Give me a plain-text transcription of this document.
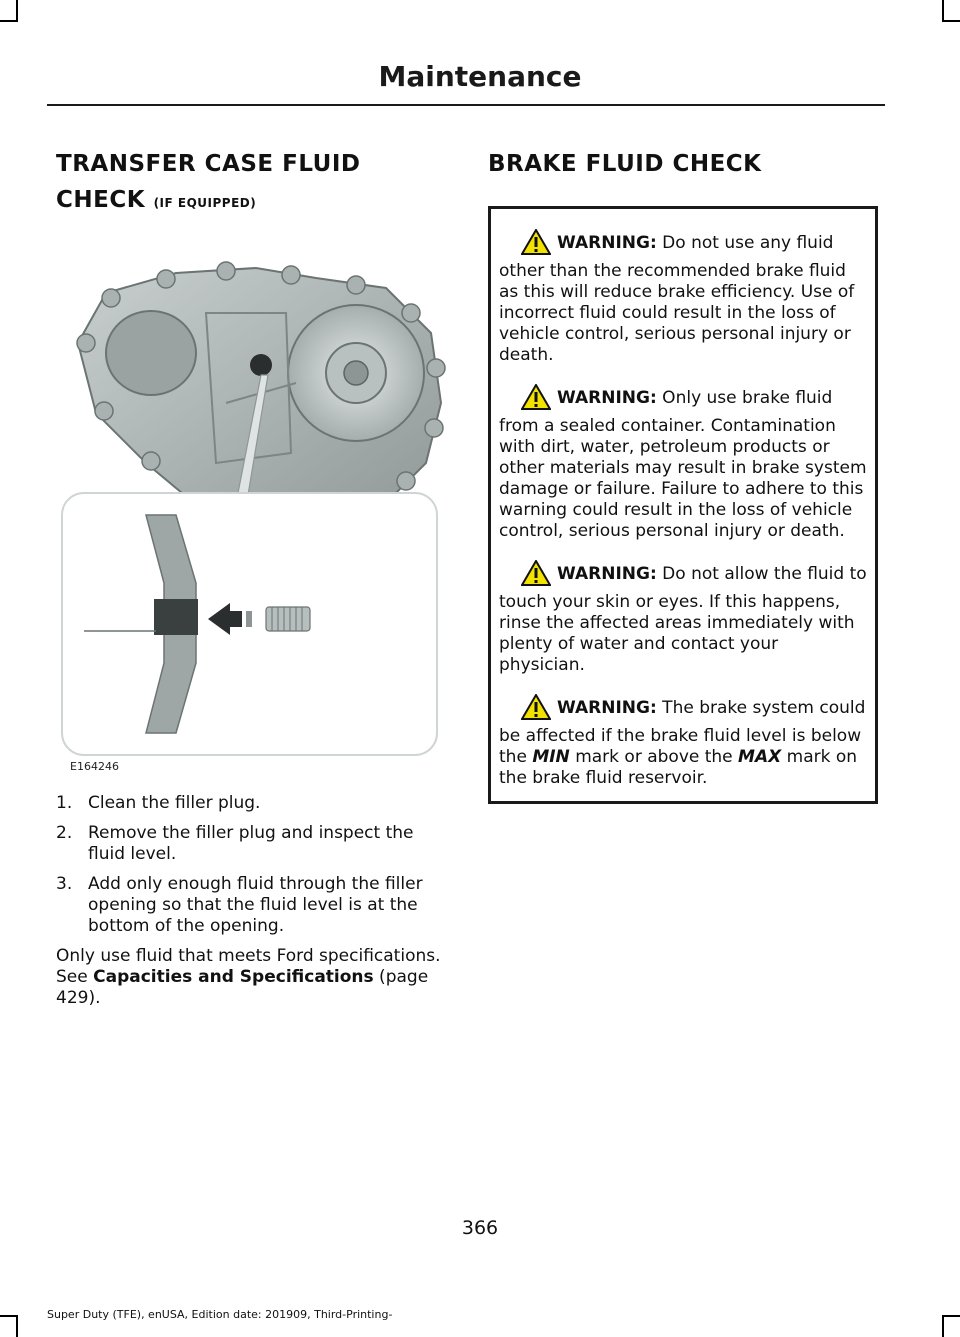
Maintenance
TRANSFER CASE FLUID
CHECK (IF EQUIPPED)
E164246
1. Clean the filler plug.
2. Remove the filler plug and inspect the fluid level.
3. Add only enough fluid through the filler opening so that the fluid level is at the bottom of the opening.

Only use fluid that meets Ford specifications. See Capacities and Specifications (page 429).

BRAKE FLUID CHECK

WARNING: Do not use any fluid other than the recommended brake fluid as this will reduce brake efficiency. Use of incorrect fluid could result in the loss of vehicle control, serious personal injury or death.

WARNING: Only use brake fluid from a sealed container. Contamination with dirt, water, petroleum products or other materials may result in brake system damage or failure. Failure to adhere to this warning could result in the loss of vehicle control, serious personal injury or death.

WARNING: Do not allow the fluid to touch your skin or eyes. If this happens, rinse the affected areas immediately with plenty of water and contact your physician.

WARNING: The brake system could be affected if the brake fluid level is below the MIN mark or above the MAX mark on the brake fluid reservoir.

366
Super Duty (TFE), enUSA, Edition date: 201909, Third-Printing-
